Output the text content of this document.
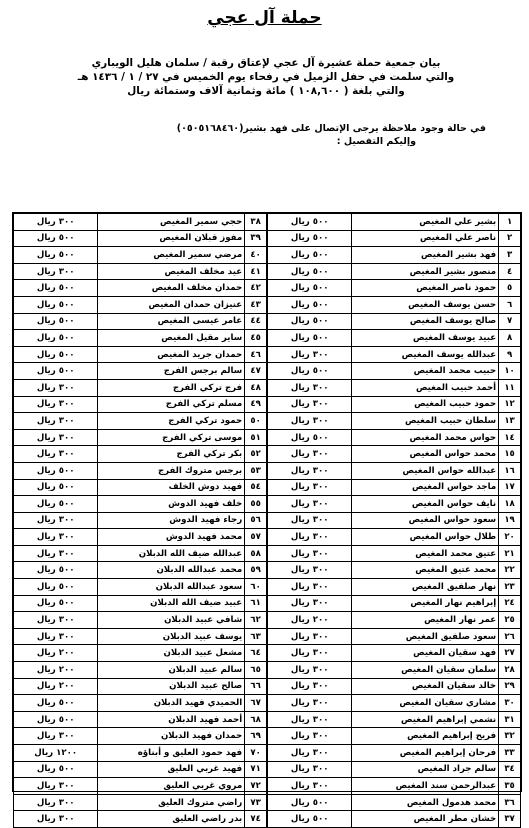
حملة آل عجي
بيان جمعية حملة عشيرة آل عجي لإعتاق رقبة / سلمان هليل الويباري
والتي سلمت في حفل الزميل في رفحاء يوم الخميس في ٢٧ / ١ / ١٤٣٦ هـ
والتي بلغة ( ١٠٨,٦٠٠ ) مائة وثمانية آلاف وستمائة ريال
في حالة وجود ملاحظة يرجى الإتصال على فهد بشير(٠٥٠٥١٦٨٤٦٠)
وإليكم التفصيل :
١	بشير علي المغيص	٥٠٠ ريال		٣٨	حجي سمير المغيص	٣٠٠ ريال
٢	ناصر علي المغيص	٥٠٠ ريال		٣٩	مفوز قبلان المغيص	٥٠٠ ريال
٣	فهد بشير المغيص	٥٠٠ ريال		٤٠	مرضي سمير المغيص	٥٠٠ ريال
٤	منصور بشير المغيص	٥٠٠ ريال		٤١	عيد مخلف المغيص	٣٠٠ ريال
٥	حمود ناصر المغيص	٥٠٠ ريال		٤٢	حمدان مخلف المغيص	٥٠٠ ريال
٦	حسن يوسف المغيص	٥٠٠ ريال		٤٣	عنيزان حمدان المغيص	٥٠٠ ريال
٧	صالح يوسف المغيص	٥٠٠ ريال		٤٤	عامر عيسى المغيص	٥٠٠ ريال
٨	عبيد يوسف المغيص	٥٠٠ ريال		٤٥	ساير مقيل المغيص	٥٠٠ ريال
٩	عبدالله يوسف المغيص	٣٠٠ ريال		٤٦	حمدان جريد المغيص	٥٠٠ ريال
١٠	حبيب محمد المغيص	٥٠٠ ريال		٤٧	سالم برجس الفرج	٥٠٠ ريال
١١	أحمد حبيب المغيص	٣٠٠ ريال		٤٨	فرج تركي الفرج	٣٠٠ ريال
١٢	حمود حبيب المغيص	٣٠٠ ريال		٤٩	مسلم تركي الفرج	٣٠٠ ريال
١٣	سلطان حبيب المغيص	٣٠٠ ريال		٥٠	حمود تركي الفرج	٣٠٠ ريال
١٤	حواس محمد المغيص	٥٠٠ ريال		٥١	موسى تركي الفرج	٣٠٠ ريال
١٥	محمد حواس المغيص	٣٠٠ ريال		٥٢	بكر تركي الفرج	٣٠٠ ريال
١٦	عبدالله حواس المغيص	٣٠٠ ريال		٥٣	برجس متروك الفرج	٥٠٠ ريال
١٧	ماجد حواس المغيص	٣٠٠ ريال		٥٤	فهيد دوش الخلف	٥٠٠ ريال
١٨	نايف حواس المغيص	٣٠٠ ريال		٥٥	خلف فهيد الدوش	٥٠٠ ريال
١٩	سعود حواس المغيص	٣٠٠ ريال		٥٦	رجاء فهيد الدوش	٣٠٠ ريال
٢٠	طلال حواس المغيص	٣٠٠ ريال		٥٧	محمد فهيد الدوش	٣٠٠ ريال
٢١	عتيق محمد المغيص	٣٠٠ ريال		٥٨	عبدالله ضيف الله الدبلان	٣٠٠ ريال
٢٢	محمد عتيق المغيص	٣٠٠ ريال		٥٩	محمد عبدالله الدبلان	٥٠٠ ريال
٢٣	نهار صلفيق المغيص	٣٠٠ ريال		٦٠	سعود عبدالله الدبلان	٥٠٠ ريال
٢٤	إبراهيم نهار المغيص	٣٠٠ ريال		٦١	عبيد ضيف الله الدبلان	٥٠٠ ريال
٢٥	عمر نهار المغيص	٢٠٠ ريال		٦٢	شافي عبيد الدبلان	٣٠٠ ريال
٢٦	سعود صلفيق المغيص	٣٠٠ ريال		٦٣	يوسف عبيد الدبلان	٣٠٠ ريال
٢٧	فهد سقيان المغيص	٣٠٠ ريال		٦٤	مشعل عبيد الدبلان	٢٠٠ ريال
٢٨	سلمان سقيان المغيص	٣٠٠ ريال		٦٥	سالم عبيد الدبلان	٢٠٠ ريال
٢٩	خالد سقيان المغيص	٣٠٠ ريال		٦٦	صالح عبيد الدبلان	٢٠٠ ريال
٣٠	مشاري سقيان المغيص	٣٠٠ ريال		٦٧	الحميدي فهيد الدبلان	٥٠٠ ريال
٣١	نشمي إبراهيم المغيص	٣٠٠ ريال		٦٨	أحمد فهيد الدبلان	٥٠٠ ريال
٣٢	فريح إبراهيم المغيص	٣٠٠ ريال		٦٩	حمدان فهيد الدبلان	٣٠٠ ريال
٣٣	فرحان إبراهيم المغيص	٣٠٠ ريال		٧٠	فهد حمود العليق و أبناؤه	١٢٠٠ ريال
٣٤	سالم جراد المغيص	٣٠٠ ريال		٧١	فهيد غربي العليق	٥٠٠ ريال
٣٥	عبدالرحمن سند المغيص	٣٠٠ ريال		٧٢	مروي غربي العليق	٣٠٠ ريال
٣٦	محمد هدمول المغيص	٥٠٠ ريال		٧٣	راضي متروك العليق	٣٠٠ ريال
٣٧	خشان مطر المغيص	٥٠٠ ريال		٧٤	بدر راضي العليق	٣٠٠ ريال
